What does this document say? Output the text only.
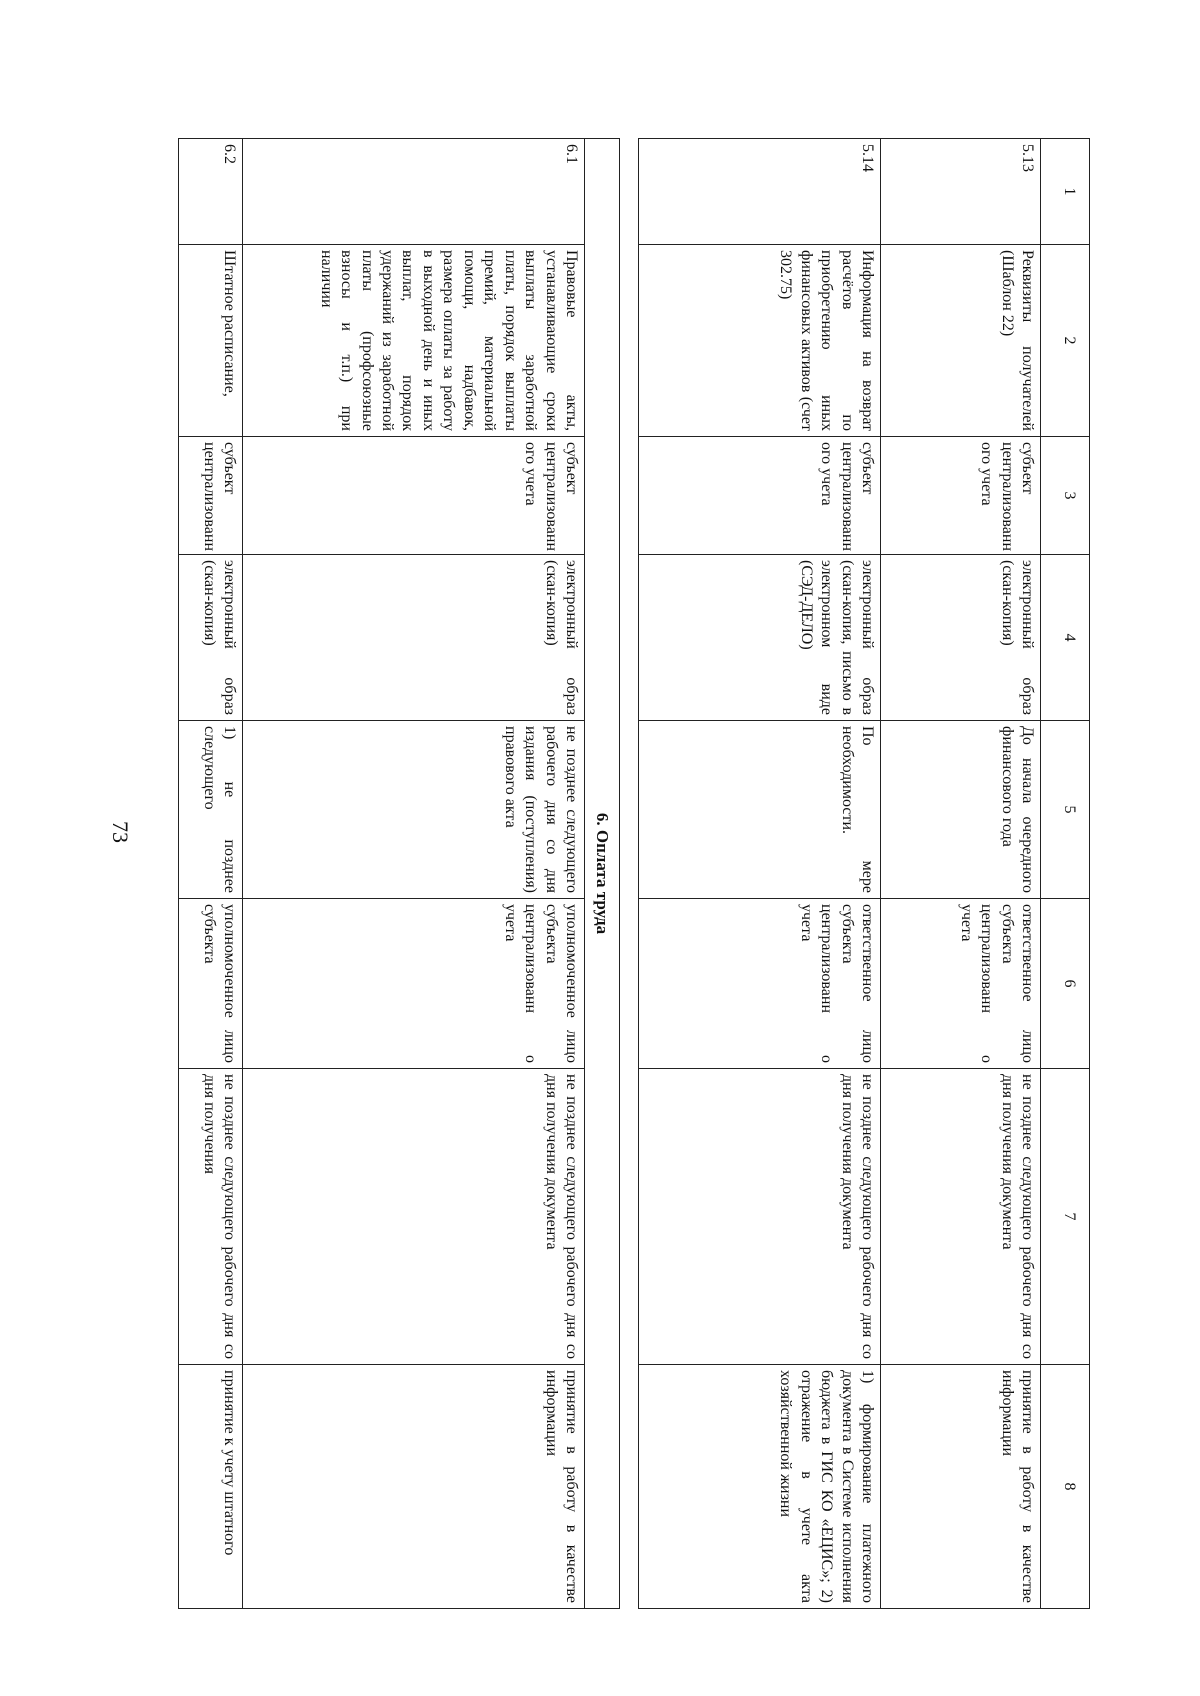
73
1	2	3	4	5	6	7	8
5.13	Реквизиты получателей (Шаблон 22)	субъект централизованн ого учета	электронный образ (скан-копия)	До начала очередного финансового года	ответственное лицо субъекта централизованн о учета	не позднее следующего рабочего дня со дня получения документа	принятие в работу в качестве информации
5.14	Информация на возврат расчётов по приобретению иных финансовых активов (счет 302.75)	субъект централизованн ого учета	электронный образ (скан-копия, письмо в электронном виде (СЭД-ДЕЛО)	По мере необходимости.	ответственное лицо субъекта централизованн о учета	не позднее следующего рабочего дня со дня получения документа	1) формирование платежного документа в Системе исполнения бюджета в ГИС КО «ЕЦИС»; 2) отражение в учете акта хозяйственной жизни

6. Оплата труда							
6.1	Правовые акты, устанавливающие сроки выплаты заработной платы, порядок выплаты премий, материальной помощи, надбавок, размера оплаты за работу в выходной день и иных выплат, порядок удержаний из заработной платы (профсоюзные взносы и т.п.) при наличии	субъект централизованн ого учета	электронный образ (скан-копия)	не позднее следующего рабочего дня со дня издания (поступления) правового акта	уполномоченное лицо субъекта централизованн о учета	не позднее следующего рабочего дня со дня получения документа	принятие в работу в качестве информации
6.2	Штатное расписание,	субъект централизованн	электронный образ (скан-копия)	1) не позднее следующего	уполномоченное лицо субъекта	не позднее следующего рабочего дня со дня получения	принятие к учету штатного
